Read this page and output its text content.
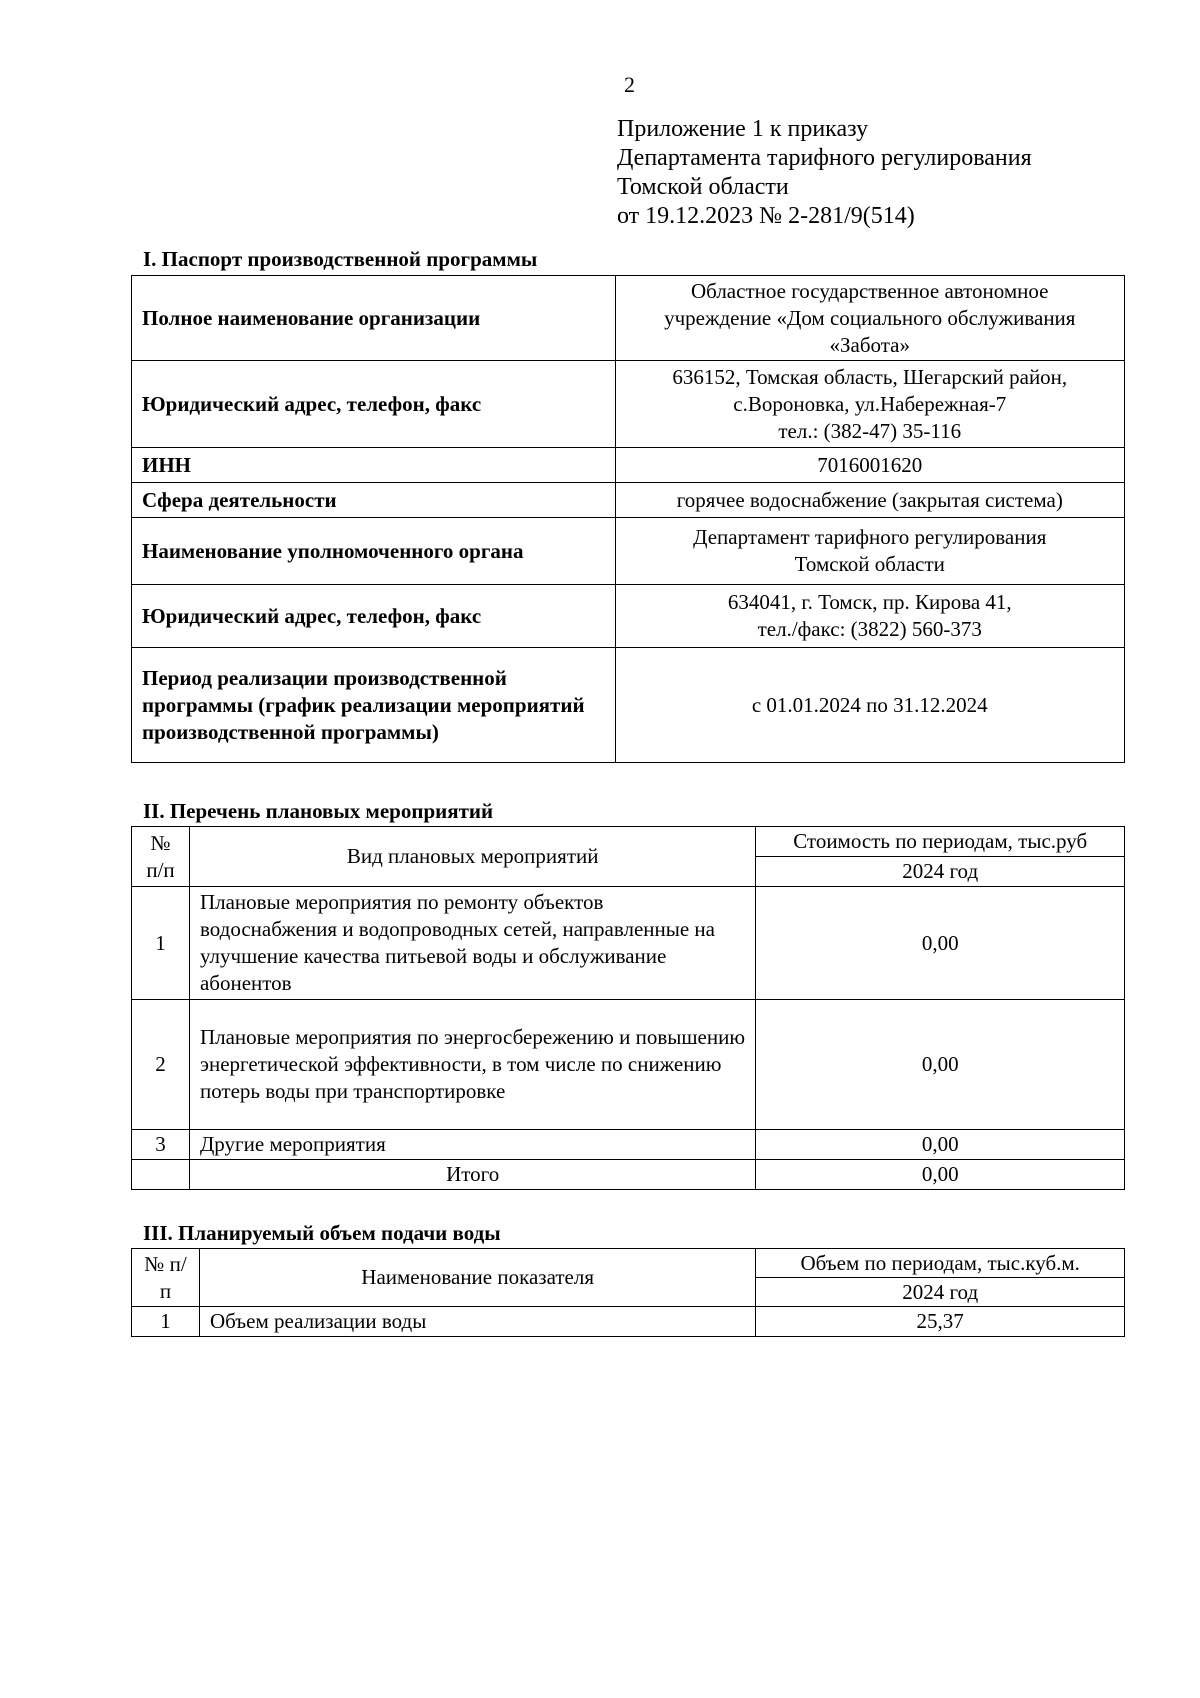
2
Приложение 1 к приказу
Департамента тарифного регулирования
Томской области
от 19.12.2023 № 2-281/9(514)
I. Паспорт производственной программы
Полное наименование организации	Областное государственное автономное
учреждение «Дом социального обслуживания
«Забота»

Юридический адрес, телефон, факс	636152, Томская область, Шегарский район,
с.Вороновка, ул.Набережная-7
тел.: (382-47) 35-116

ИНН	7016001620

Сфера деятельности	горячее водоснабжение (закрытая система)

Наименование уполномоченного органа	Департамент тарифного регулирования
Томской области

Юридический адрес, телефон, факс	634041, г. Томск, пр. Кирова 41,
тел./факс: (3822) 560-373

Период реализации производственной программы (график реализации мероприятий производственной программы)	с 01.01.2024 по 31.12.2024
II. Перечень плановых мероприятий
№ п/п	Вид плановых мероприятий	Стоимость по периодам, тыс.руб
		2024 год
1	Плановые мероприятия по ремонту объектов водоснабжения и водопроводных сетей, направленные на улучшение качества питьевой воды и обслуживание абонентов	0,00
2	Плановые мероприятия по энергосбережению и повышению энергетической эффективности, в том числе по снижению потерь воды при транспортировке	0,00
3	Другие мероприятия	0,00
	Итого	0,00
III. Планируемый объем подачи воды
№ п/п	Наименование показателя	Объем по периодам, тыс.куб.м.
		2024 год
1	Объем реализации воды	25,37
